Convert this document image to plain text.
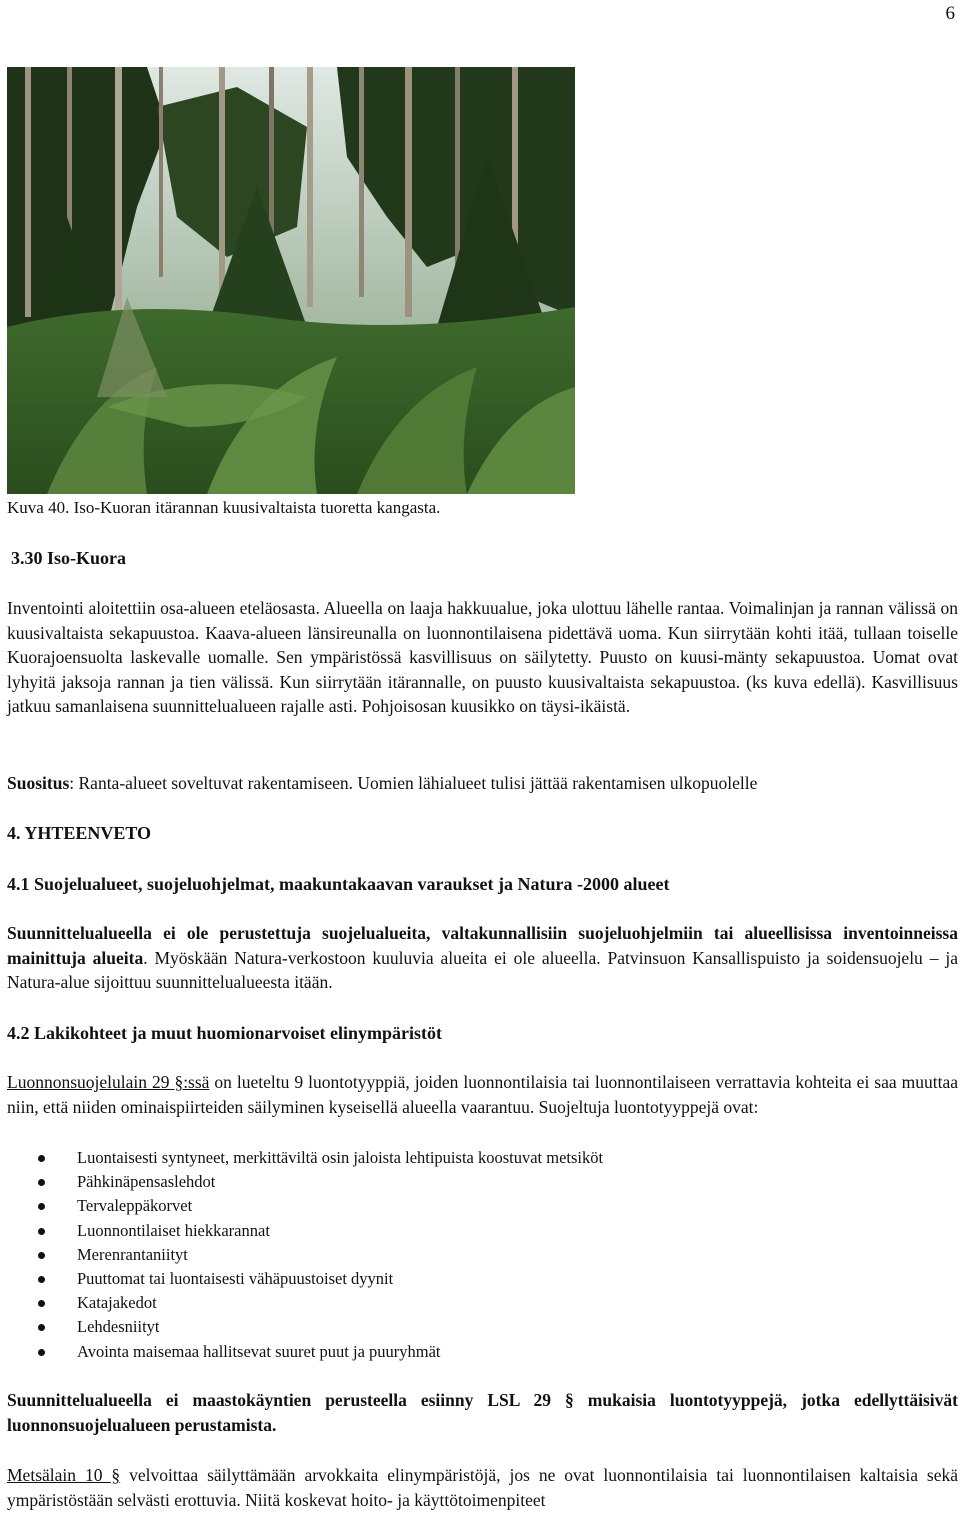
6
Kuva 40. Iso-Kuoran itärannan kuusivaltaista tuoretta kangasta.
3.30 Iso-Kuora
Inventointi aloitettiin osa-alueen eteläosasta. Alueella on laaja hakkuualue, joka ulottuu lähelle rantaa. Voimalinjan ja rannan välissä on kuusivaltaista sekapuustoa. Kaava-alueen länsireunalla on luonnontilaisena pidettävä uoma. Kun siirrytään kohti itää, tullaan toiselle Kuorajoensuolta laskevalle uomalle. Sen ympäristössä kasvillisuus on säilytetty. Puusto on kuusi-mänty sekapuustoa. Uomat ovat lyhyitä jaksoja rannan ja tien välissä. Kun siirrytään itärannalle, on puusto kuusivaltaista sekapuustoa. (ks kuva edellä). Kasvillisuus jatkuu samanlaisena suunnittelualueen rajalle asti. Pohjoisosan kuusikko on täysi-ikäistä.
Suositus: Ranta-alueet soveltuvat rakentamiseen. Uomien lähialueet tulisi jättää rakentamisen ulkopuolelle
4. YHTEENVETO
4.1 Suojelualueet, suojeluohjelmat, maakuntakaavan varaukset ja Natura -2000 alueet
Suunnittelualueella ei ole perustettuja suojelualueita, valtakunnallisiin suojeluohjelmiin tai alueellisissa inventoinneissa mainittuja alueita. Myöskään Natura-verkostoon kuuluvia alueita ei ole alueella. Patvinsuon Kansallispuisto ja soidensuojelu – ja Natura-alue sijoittuu suunnittelualueesta itään.
4.2 Lakikohteet ja muut huomionarvoiset elinympäristöt
Luonnonsuojelulain 29 §:ssä on lueteltu 9 luontotyyppiä, joiden luonnontilaisia tai luonnontilaiseen verrattavia kohteita ei saa muuttaa niin, että niiden ominaispiirteiden säilyminen kyseisellä alueella vaarantuu. Suojeltuja luontotyyppejä ovat:
Luontaisesti syntyneet, merkittäviltä osin jaloista lehtipuista koostuvat metsiköt
Pähkinäpensaslehdot
Tervaleppäkorvet
Luonnontilaiset hiekkarannat
Merenrantaniityt
Puuttomat tai luontaisesti vähäpuustoiset dyynit
Katajakedot
Lehdesniityt
Avointa maisemaa hallitsevat suuret puut ja puuryhmät
Suunnittelualueella ei maastokäyntien perusteella esiinny LSL 29 § mukaisia luontotyyppejä, jotka edellyttäisivät luonnonsuojelualueen perustamista.
Metsälain 10 § velvoittaa säilyttämään arvokkaita elinympäristöjä, jos ne ovat luonnontilaisia tai luonnontilaisen kaltaisia sekä ympäristöstään selvästi erottuvia. Niitä koskevat hoito- ja käyttötoimenpiteet
